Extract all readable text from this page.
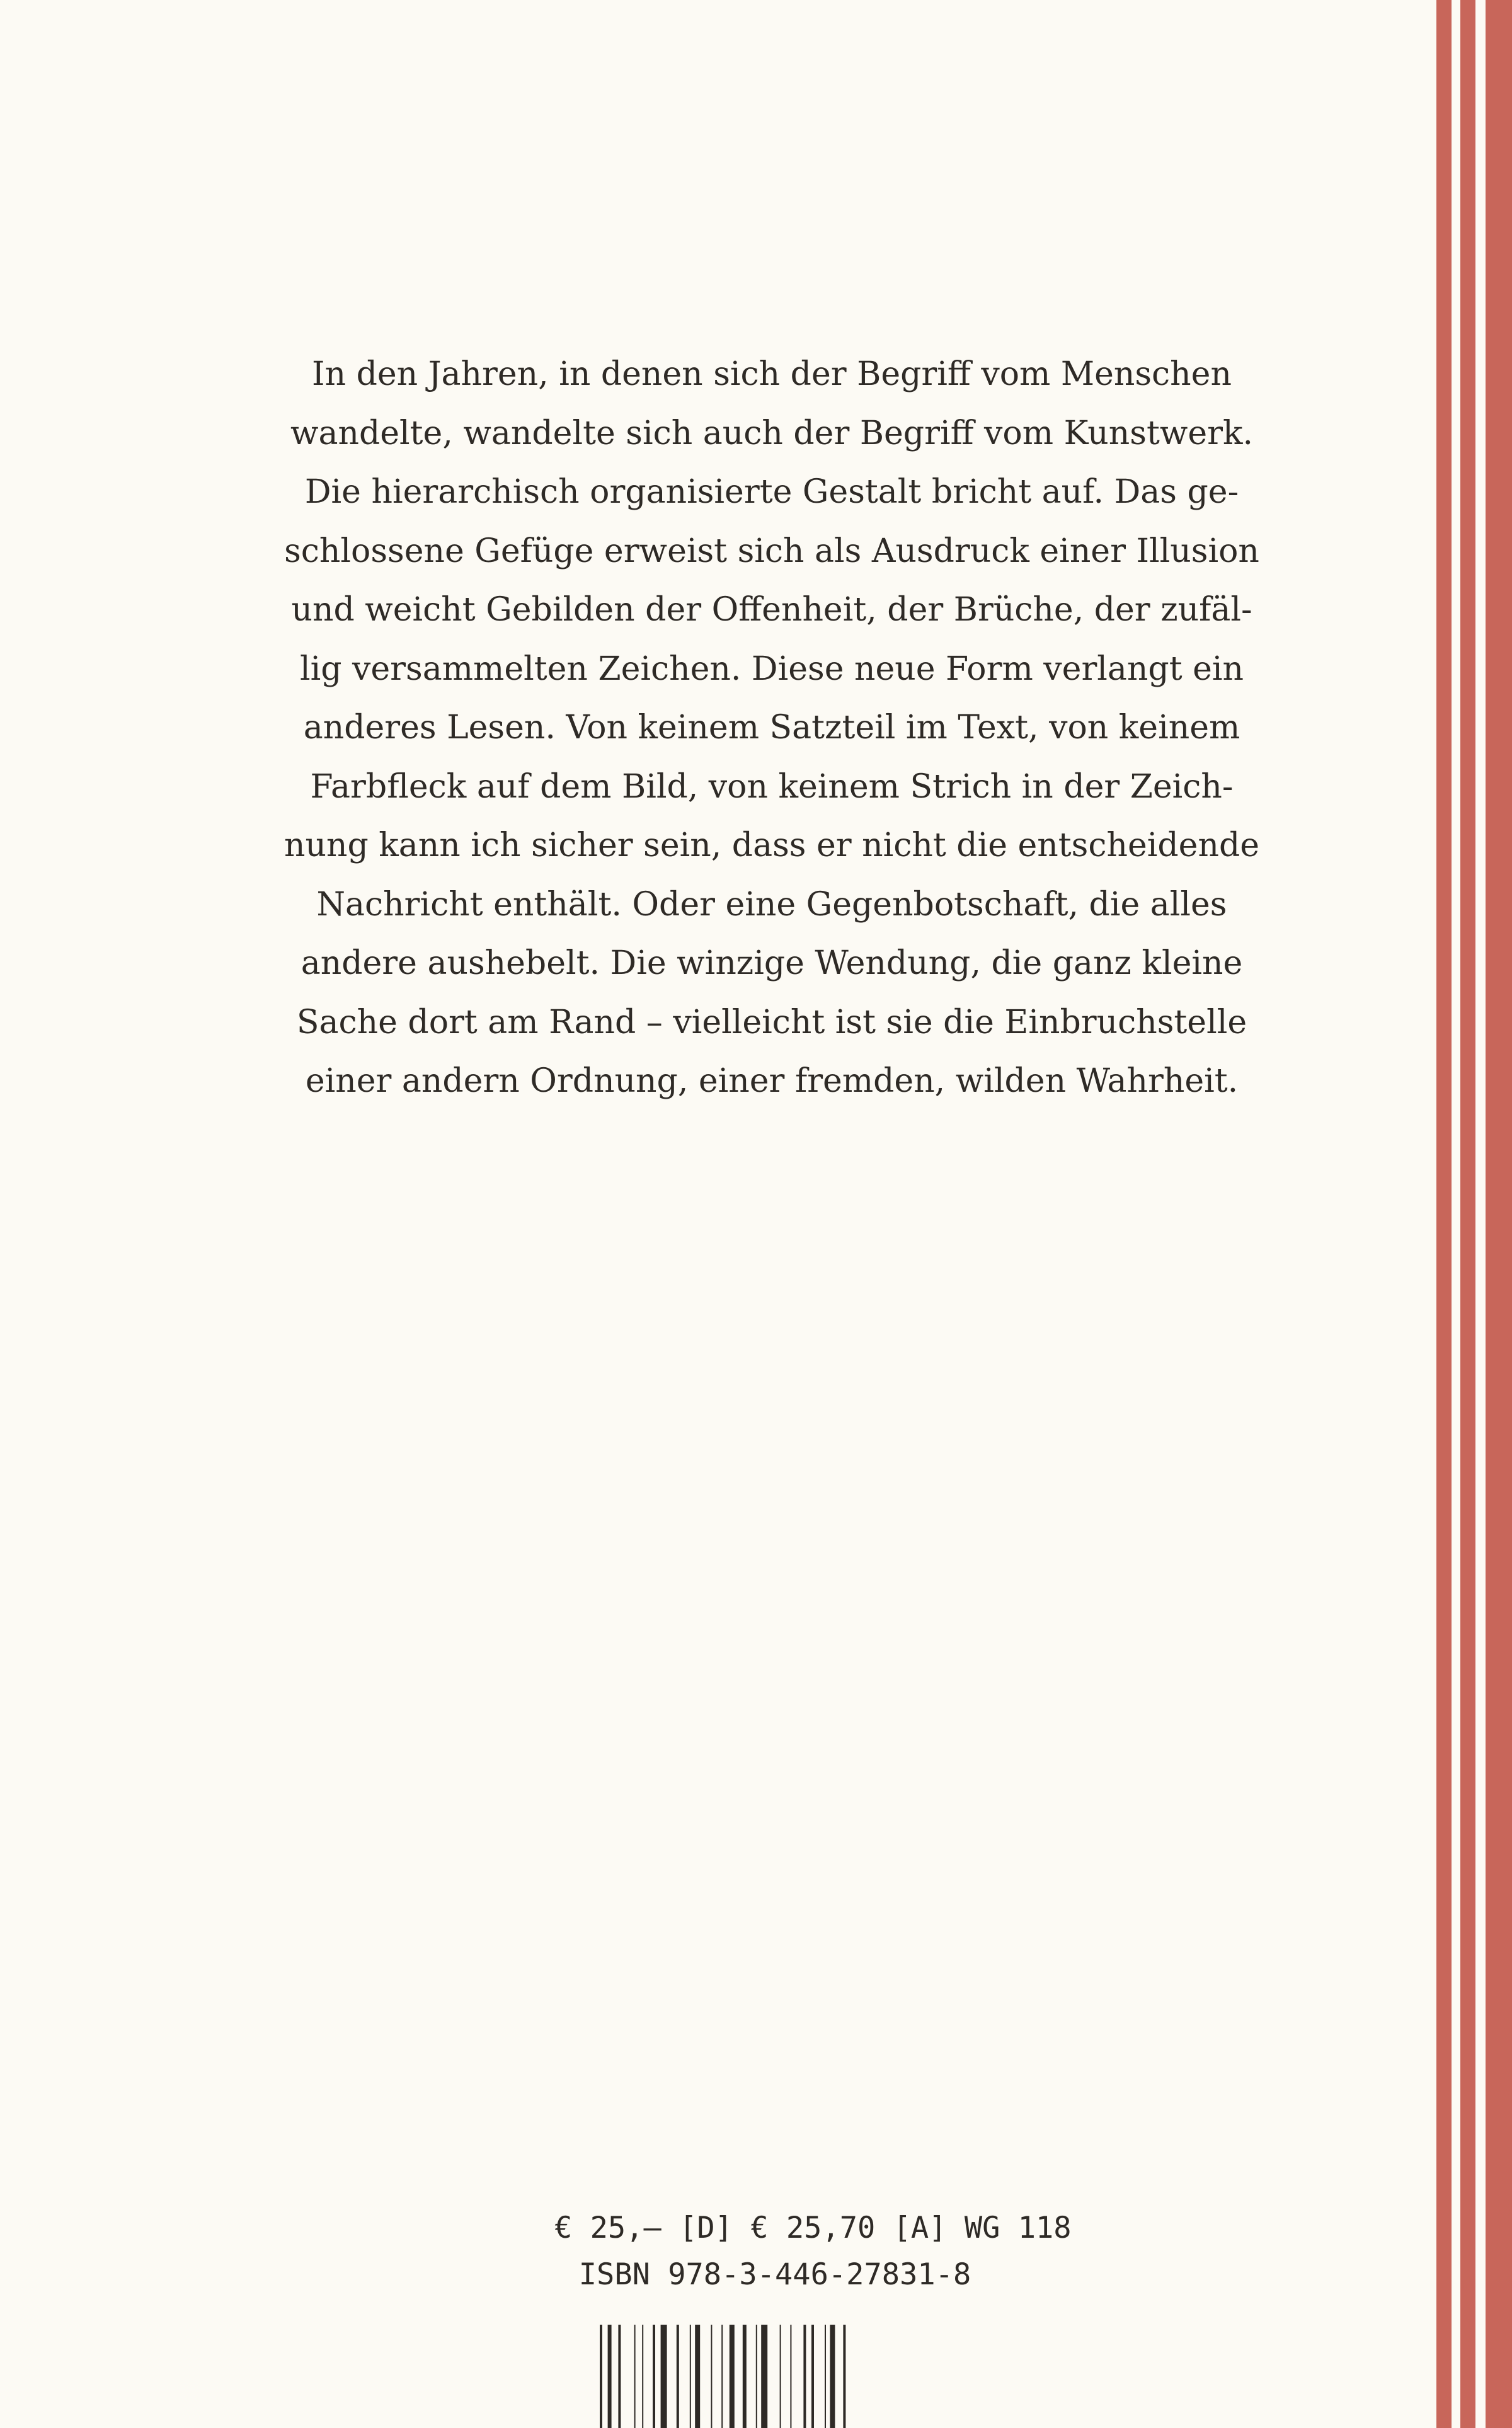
In den Jahren, in denen sich der Begriff vom Menschen
wandelte, wandelte sich auch der Begriff vom Kunstwerk.
Die hierarchisch organisierte Gestalt bricht auf. Das ge-
schlossene Gefüge erweist sich als Ausdruck einer Illusion
und weicht Gebilden der Offenheit, der Brüche, der zufäl-
lig versammelten Zeichen. Diese neue Form verlangt ein
anderes Lesen. Von keinem Satzteil im Text, von keinem
Farbfleck auf dem Bild, von keinem Strich in der Zeich-
nung kann ich sicher sein, dass er nicht die entscheidende
Nachricht enthält. Oder eine Gegenbotschaft, die alles
andere aushebelt. Die winzige Wendung, die ganz kleine
Sache dort am Rand – vielleicht ist sie die Einbruchstelle
einer andern Ordnung, einer fremden, wilden Wahrheit.

€ 25,– [D] € 25,70 [A] WG 118
ISBN 978-3-446-27831-8
